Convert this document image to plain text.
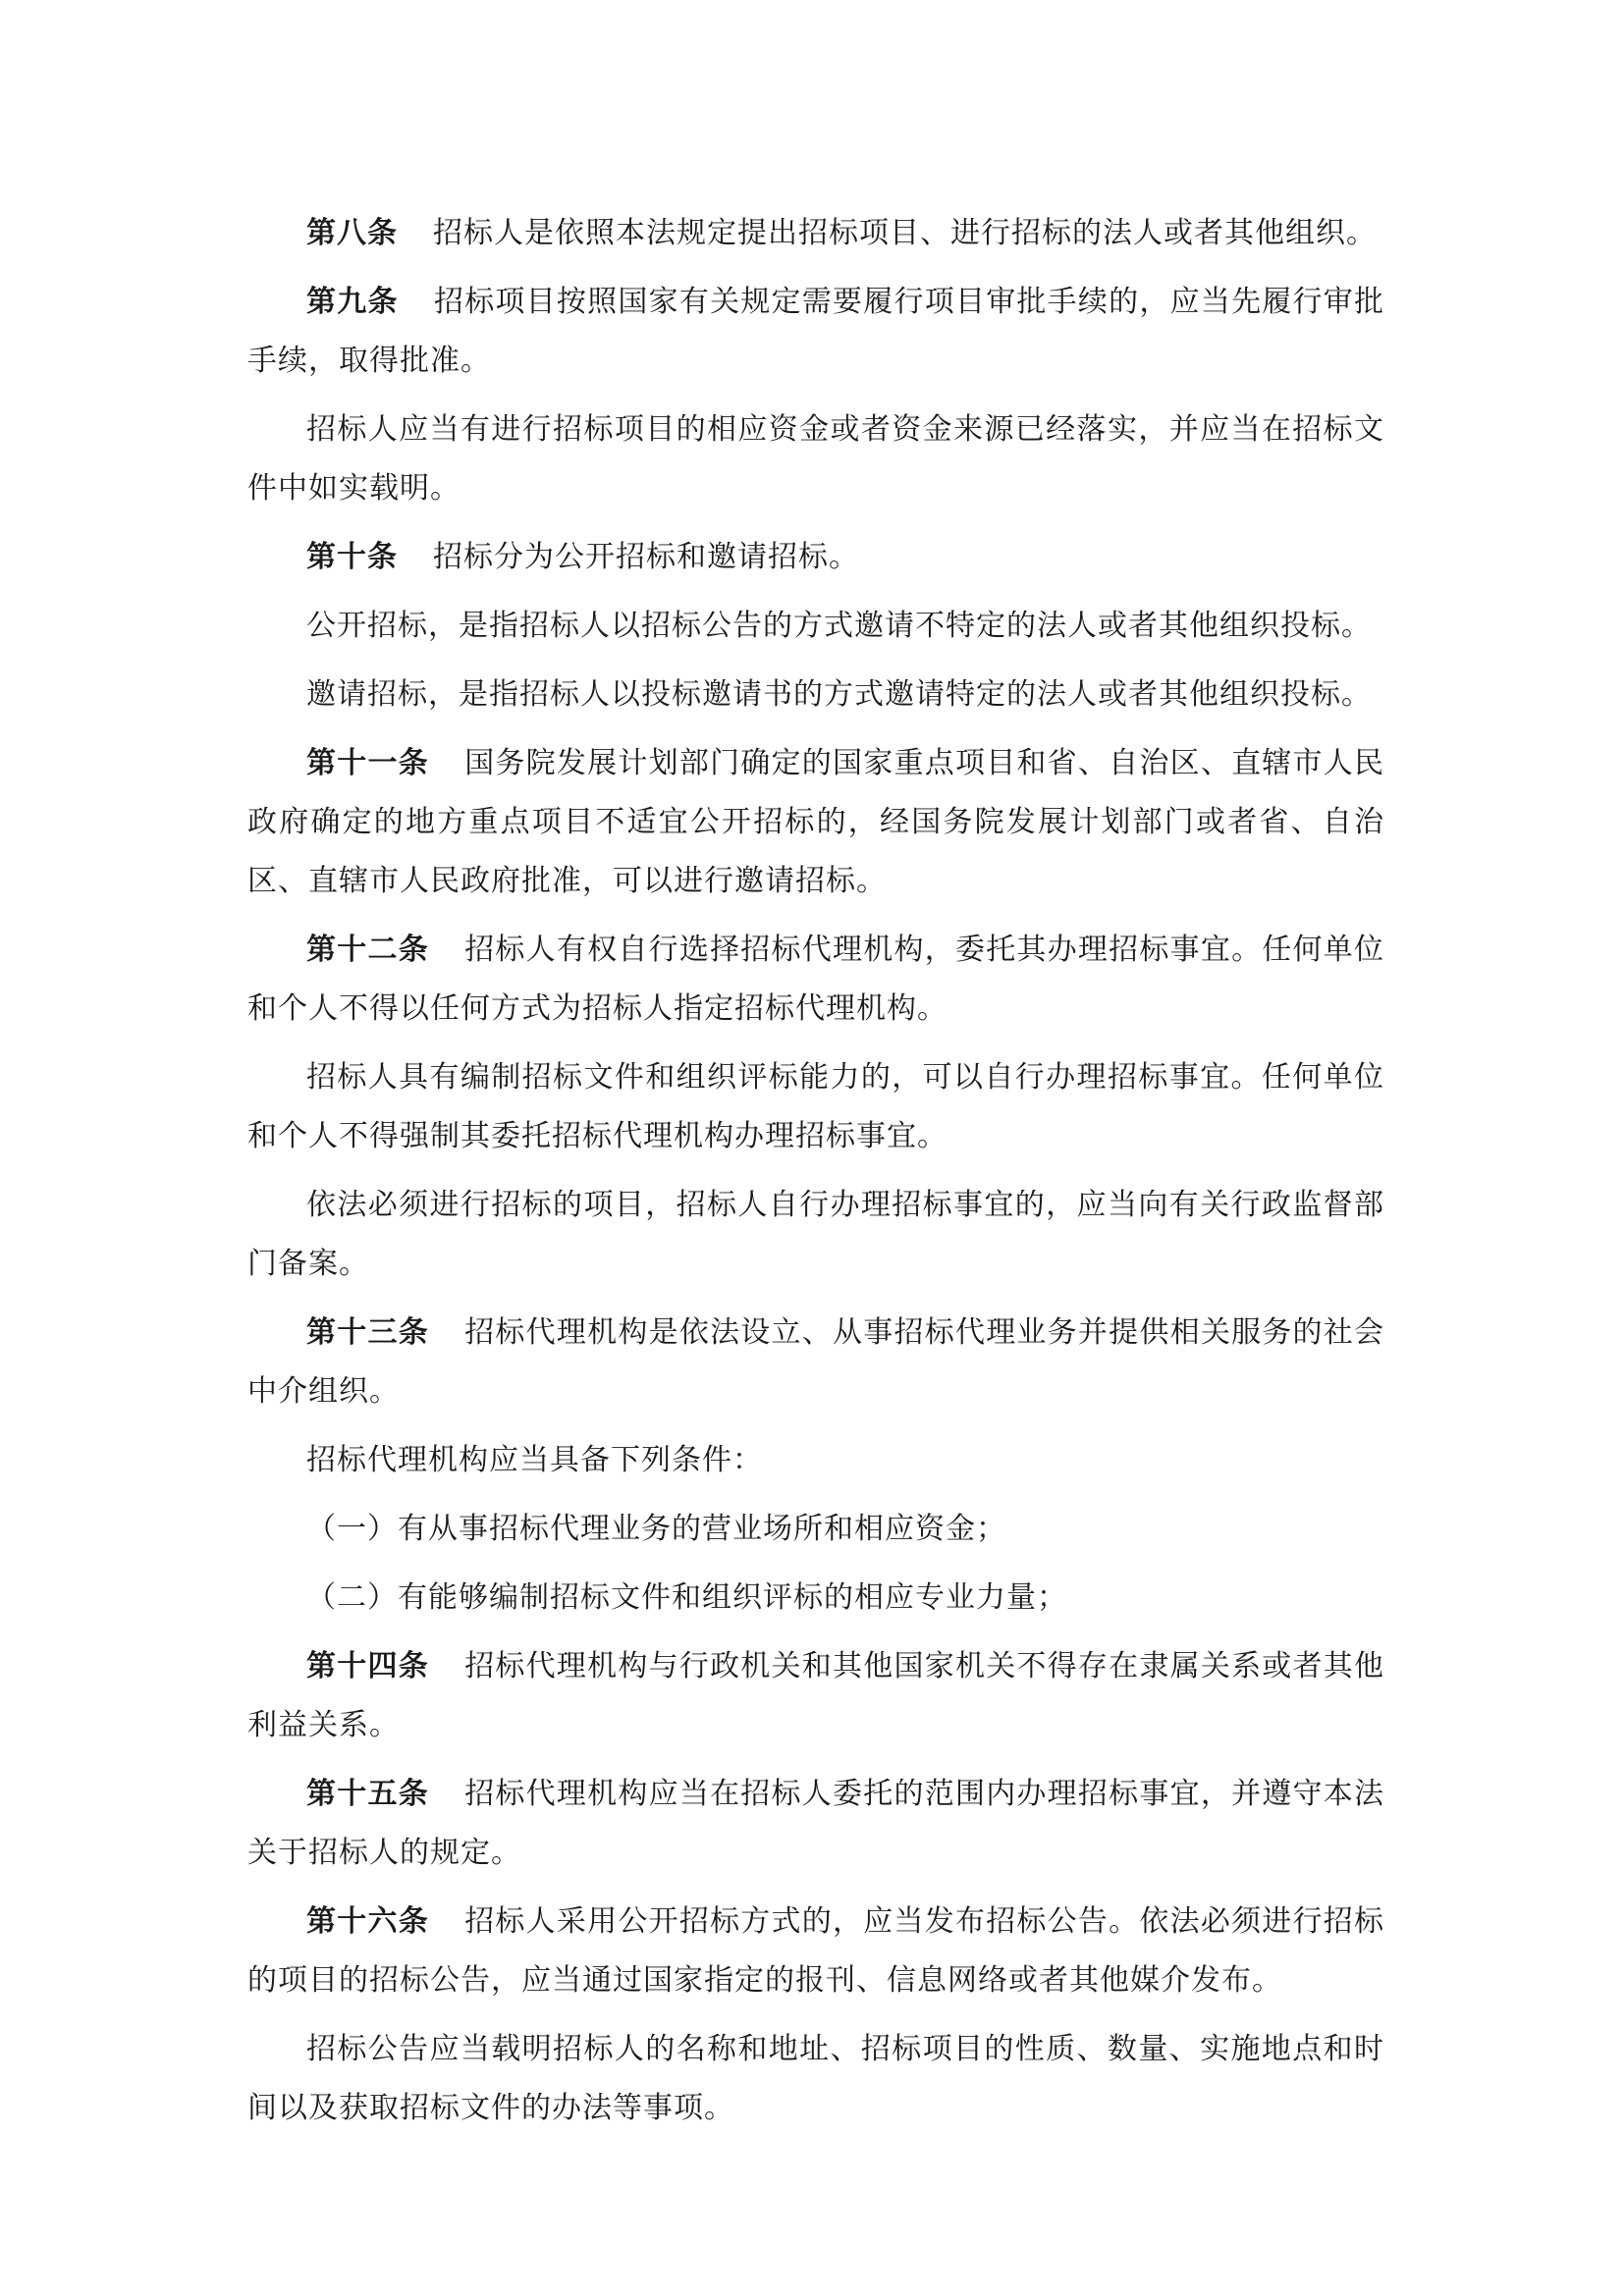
第八条 招标人是依照本法规定提出招标项目、进行招标的法人或者其他组织。

第九条 招标项目按照国家有关规定需要履行项目审批手续的，应当先履行审批手续，取得批准。

招标人应当有进行招标项目的相应资金或者资金来源已经落实，并应当在招标文件中如实载明。

第十条 招标分为公开招标和邀请招标。

公开招标，是指招标人以招标公告的方式邀请不特定的法人或者其他组织投标。

邀请招标，是指招标人以投标邀请书的方式邀请特定的法人或者其他组织投标。

第十一条 国务院发展计划部门确定的国家重点项目和省、自治区、直辖市人民政府确定的地方重点项目不适宜公开招标的，经国务院发展计划部门或者省、自治区、直辖市人民政府批准，可以进行邀请招标。

第十二条 招标人有权自行选择招标代理机构，委托其办理招标事宜。任何单位和个人不得以任何方式为招标人指定招标代理机构。

招标人具有编制招标文件和组织评标能力的，可以自行办理招标事宜。任何单位和个人不得强制其委托招标代理机构办理招标事宜。

依法必须进行招标的项目，招标人自行办理招标事宜的，应当向有关行政监督部门备案。

第十三条 招标代理机构是依法设立、从事招标代理业务并提供相关服务的社会中介组织。

招标代理机构应当具备下列条件：

（一）有从事招标代理业务的营业场所和相应资金；

（二）有能够编制招标文件和组织评标的相应专业力量；

第十四条 招标代理机构与行政机关和其他国家机关不得存在隶属关系或者其他利益关系。

第十五条 招标代理机构应当在招标人委托的范围内办理招标事宜，并遵守本法关于招标人的规定。

第十六条 招标人采用公开招标方式的，应当发布招标公告。依法必须进行招标的项目的招标公告，应当通过国家指定的报刊、信息网络或者其他媒介发布。

招标公告应当载明招标人的名称和地址、招标项目的性质、数量、实施地点和时间以及获取招标文件的办法等事项。
